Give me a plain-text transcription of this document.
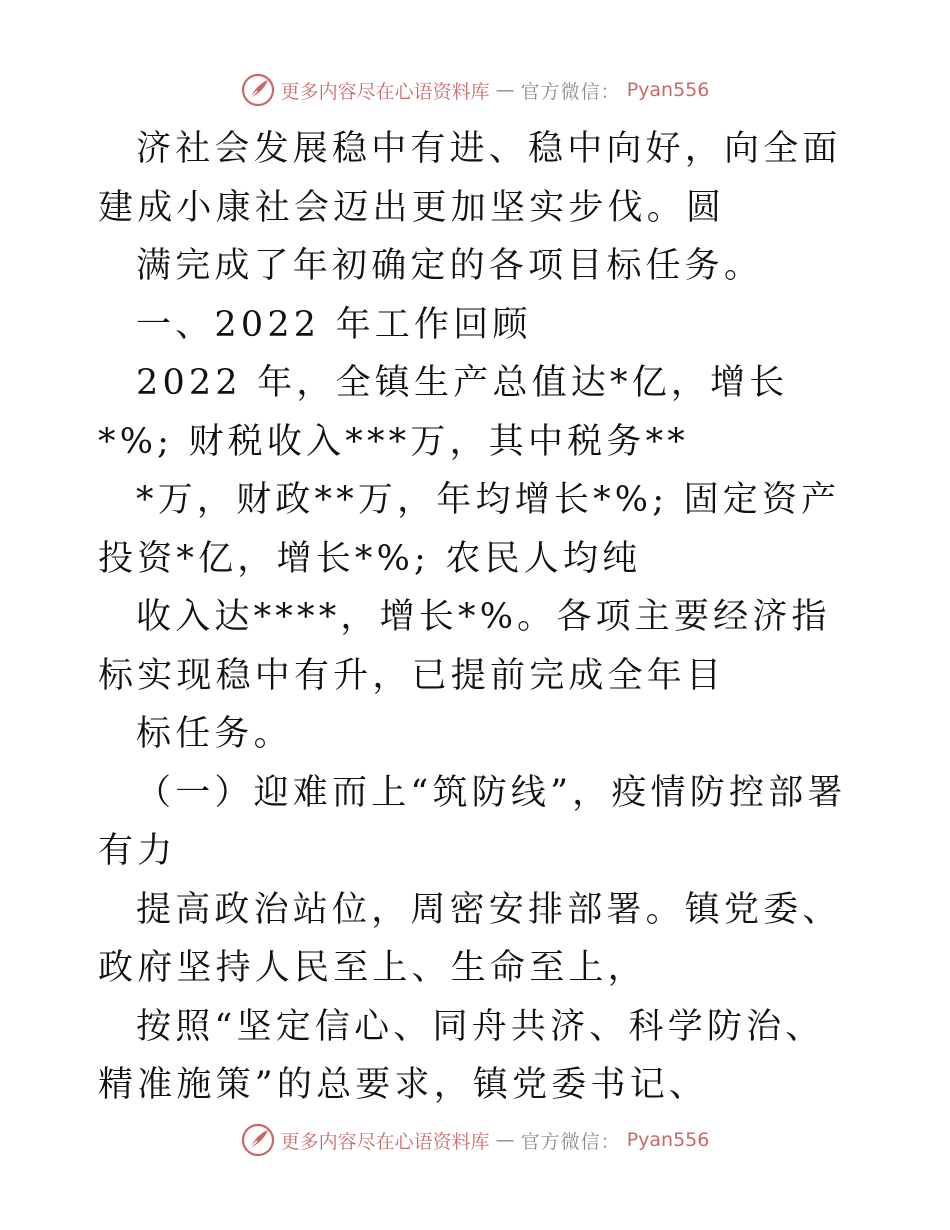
更多内容尽在心语资料库 — 官方微信： Pyan556

济社会发展稳中有进、稳中向好，向全面建成小康社会迈出更加坚实步伐。圆

满完成了年初确定的各项目标任务。

一、2022 年工作回顾

2022 年，全镇生产总值达*亿，增长*%; 财税收入***万，其中税务**

*万，财政**万，年均增长*%; 固定资产投资*亿，增长*%; 农民人均纯

收入达****，增长*%。各项主要经济指标实现稳中有升，已提前完成全年目

标任务。

（一）迎难而上“筑防线”，疫情防控部署有力

提高政治站位，周密安排部署。镇党委、政府坚持人民至上、生命至上，

按照“坚定信心、同舟共济、科学防治、精准施策”的总要求，镇党委书记、

更多内容尽在心语资料库 — 官方微信： Pyan556
